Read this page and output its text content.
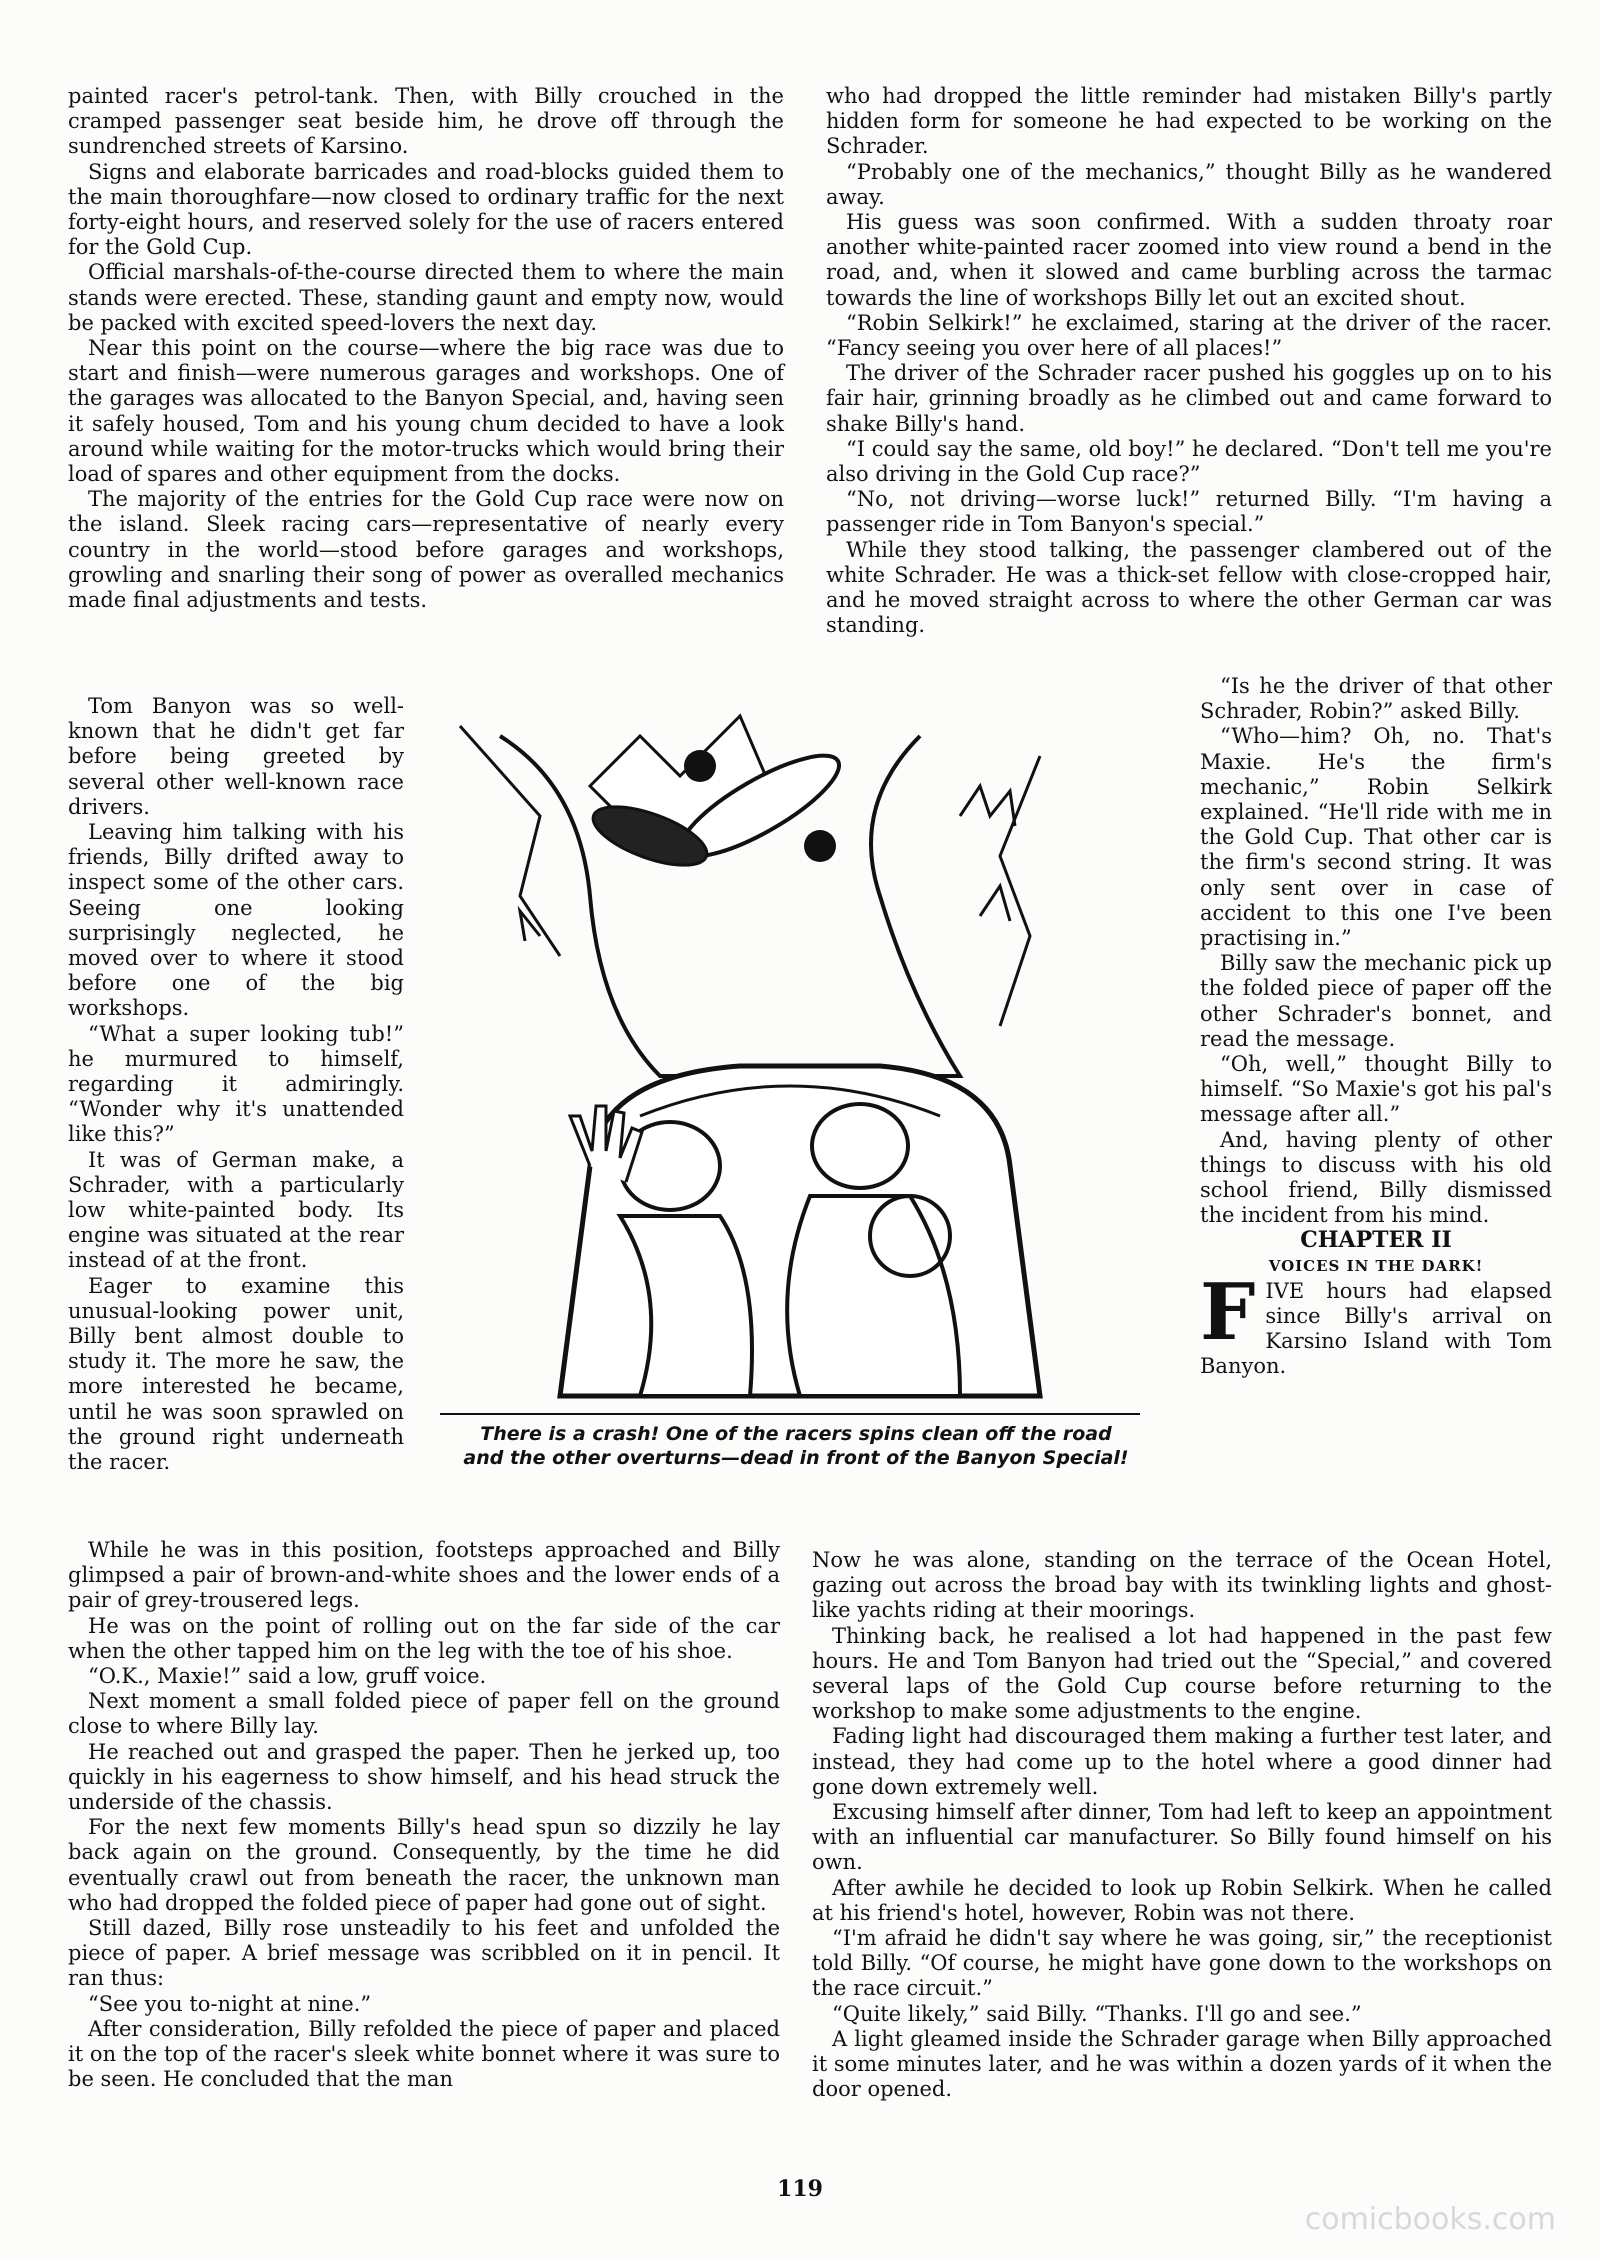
painted racer's petrol-tank. Then, with Billy crouched in the cramped passenger seat beside him, he drove off through the sundrenched streets of Karsino.

Signs and elaborate barricades and road-blocks guided them to the main thoroughfare—now closed to ordinary traffic for the next forty-eight hours, and reserved solely for the use of racers entered for the Gold Cup.

Official marshals-of-the-course directed them to where the main stands were erected. These, standing gaunt and empty now, would be packed with excited speed-lovers the next day.

Near this point on the course—where the big race was due to start and finish—were numerous garages and workshops. One of the garages was allocated to the Banyon Special, and, having seen it safely housed, Tom and his young chum decided to have a look around while waiting for the motor-trucks which would bring their load of spares and other equipment from the docks.

The majority of the entries for the Gold Cup race were now on the island. Sleek racing cars—representative of nearly every country in the world—stood before garages and workshops, growling and snarling their song of power as overalled mechanics made final adjustments and tests.

who had dropped the little reminder had mistaken Billy's partly hidden form for someone he had expected to be working on the Schrader.

“Probably one of the mechanics,” thought Billy as he wandered away.

His guess was soon confirmed. With a sudden throaty roar another white-painted racer zoomed into view round a bend in the road, and, when it slowed and came burbling across the tarmac towards the line of workshops Billy let out an excited shout.

“Robin Selkirk!” he exclaimed, staring at the driver of the racer. “Fancy seeing you over here of all places!”

The driver of the Schrader racer pushed his goggles up on to his fair hair, grinning broadly as he climbed out and came forward to shake Billy's hand.

“I could say the same, old boy!” he declared. “Don't tell me you're also driving in the Gold Cup race?”

“No, not driving—worse luck!” returned Billy. “I'm having a passenger ride in Tom Banyon's special.”

While they stood talking, the passenger clambered out of the white Schrader. He was a thick-set fellow with close-cropped hair, and he moved straight across to where the other German car was standing.

Tom Banyon was so well-known that he didn't get far before being greeted by several other well-known race drivers.

Leaving him talking with his friends, Billy drifted away to inspect some of the other cars. Seeing one looking surprisingly neglected, he moved over to where it stood before one of the big workshops.

“What a super looking tub!” he murmured to himself, regarding it admiringly. “Wonder why it's unattended like this?”

It was of German make, a Schrader, with a particularly low white-painted body. Its engine was situated at the rear instead of at the front.

Eager to examine this unusual-looking power unit, Billy bent almost double to study it. The more he saw, the more interested he became, until he was soon sprawled on the ground right underneath the racer.

There is a crash! One of the racers spins clean off the road and the other overturns—dead in front of the Banyon Special!

“Is he the driver of that other Schrader, Robin?” asked Billy.

“Who—him? Oh, no. That's Maxie. He's the firm's mechanic,” Robin Selkirk explained. “He'll ride with me in the Gold Cup. That other car is the firm's second string. It was only sent over in case of accident to this one I've been practising in.”

Billy saw the mechanic pick up the folded piece of paper off the other Schrader's bonnet, and read the message.

“Oh, well,” thought Billy to himself. “So Maxie's got his pal's message after all.”

And, having plenty of other things to discuss with his old school friend, Billy dismissed the incident from his mind.

CHAPTER II

VOICES IN THE DARK!

FIVE hours had elapsed since Billy's arrival on Karsino Island with Tom Banyon.

While he was in this position, footsteps approached and Billy glimpsed a pair of brown-and-white shoes and the lower ends of a pair of grey-trousered legs.

He was on the point of rolling out on the far side of the car when the other tapped him on the leg with the toe of his shoe.

“O.K., Maxie!” said a low, gruff voice.

Next moment a small folded piece of paper fell on the ground close to where Billy lay.

He reached out and grasped the paper. Then he jerked up, too quickly in his eagerness to show himself, and his head struck the underside of the chassis.

For the next few moments Billy's head spun so dizzily he lay back again on the ground. Consequently, by the time he did eventually crawl out from beneath the racer, the unknown man who had dropped the folded piece of paper had gone out of sight.

Still dazed, Billy rose unsteadily to his feet and unfolded the piece of paper. A brief message was scribbled on it in pencil. It ran thus:

“See you to-night at nine.”

After consideration, Billy refolded the piece of paper and placed it on the top of the racer's sleek white bonnet where it was sure to be seen. He concluded that the man

Now he was alone, standing on the terrace of the Ocean Hotel, gazing out across the broad bay with its twinkling lights and ghost-like yachts riding at their moorings.

Thinking back, he realised a lot had happened in the past few hours. He and Tom Banyon had tried out the “Special,” and covered several laps of the Gold Cup course before returning to the workshop to make some adjustments to the engine.

Fading light had discouraged them making a further test later, and instead, they had come up to the hotel where a good dinner had gone down extremely well.

Excusing himself after dinner, Tom had left to keep an appointment with an influential car manufacturer. So Billy found himself on his own.

After awhile he decided to look up Robin Selkirk. When he called at his friend's hotel, however, Robin was not there.

“I'm afraid he didn't say where he was going, sir,” the receptionist told Billy. “Of course, he might have gone down to the workshops on the race circuit.”

“Quite likely,” said Billy. “Thanks. I'll go and see.”

A light gleamed inside the Schrader garage when Billy approached it some minutes later, and he was within a dozen yards of it when the door opened.

119
comicbooks.com
